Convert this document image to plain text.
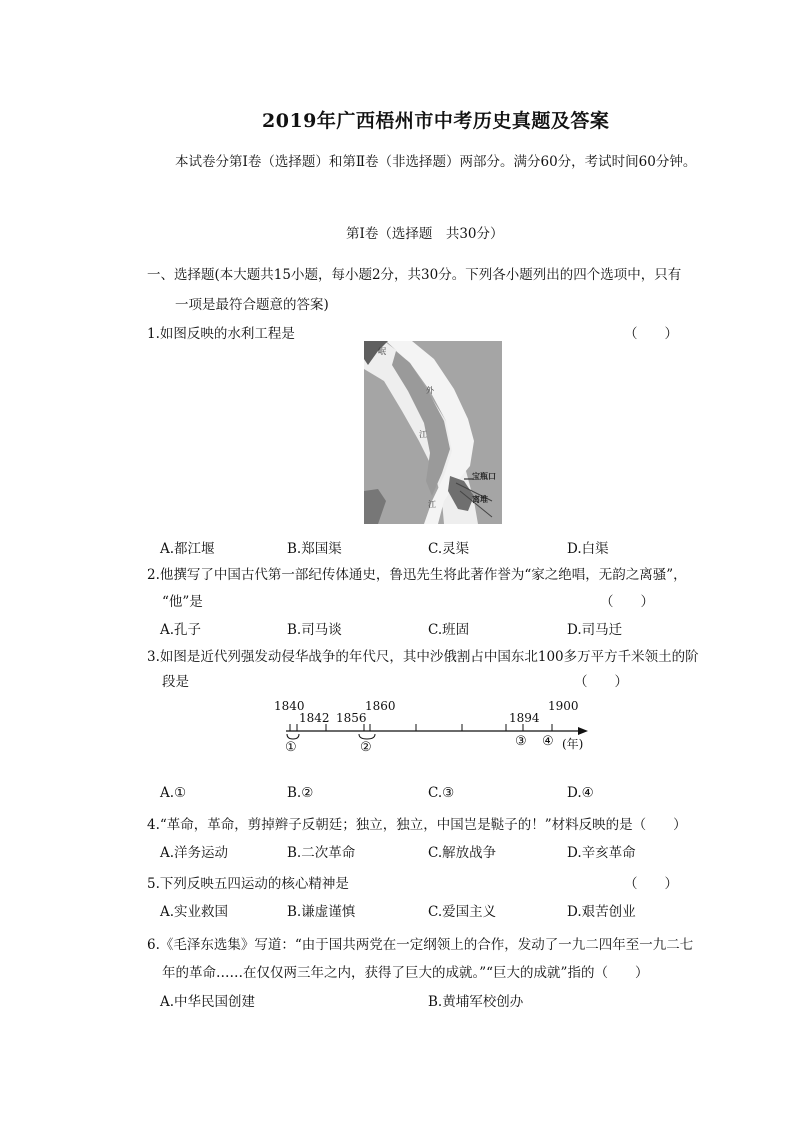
2019年广西梧州市中考历史真题及答案
本试卷分第Ⅰ卷（选择题）和第Ⅱ卷（非选择题）两部分。满分60分，考试时间60分钟。
第Ⅰ卷（选择题　共30分）
一、选择题(本大题共15小题，每小题2分，共30分。下列各小题列出的四个选项中，只有
一项是最符合题意的答案)
1.如图反映的水利工程是	（　　）
岷
外
江
江
宝瓶口
离堆
A.都江堰	B.郑国渠	C.灵渠	D.白渠
2.他撰写了中国古代第一部纪传体通史，鲁迅先生将此著作誉为“家之绝唱，无韵之离骚”，
“他”是	（　　）
A.孔子	B.司马谈	C.班固	D.司马迁
3.如图是近代列强发动侵华战争的年代尺，其中沙俄割占中国东北100多万平方千米领土的阶
段是	（　　）
1840
1842 1856
1860
1894
1900
①	②	③ ④ (年)
A.①	B.②	C.③	D.④
4.“革命，革命，剪掉辫子反朝廷；独立，独立，中国岂是鞑子的！”材料反映的是（　　）
A.洋务运动	B.二次革命	C.解放战争	D.辛亥革命
5.下列反映五四运动的核心精神是	（　　）
A.实业救国	B.谦虚谨慎	C.爱国主义	D.艰苦创业
6.《毛泽东选集》写道：“由于国共两党在一定纲领上的合作，发动了一九二四年至一九二七
年的革命……在仅仅两三年之内，获得了巨大的成就。”“巨大的成就”指的（　　）
A.中华民国创建	B.黄埔军校创办
